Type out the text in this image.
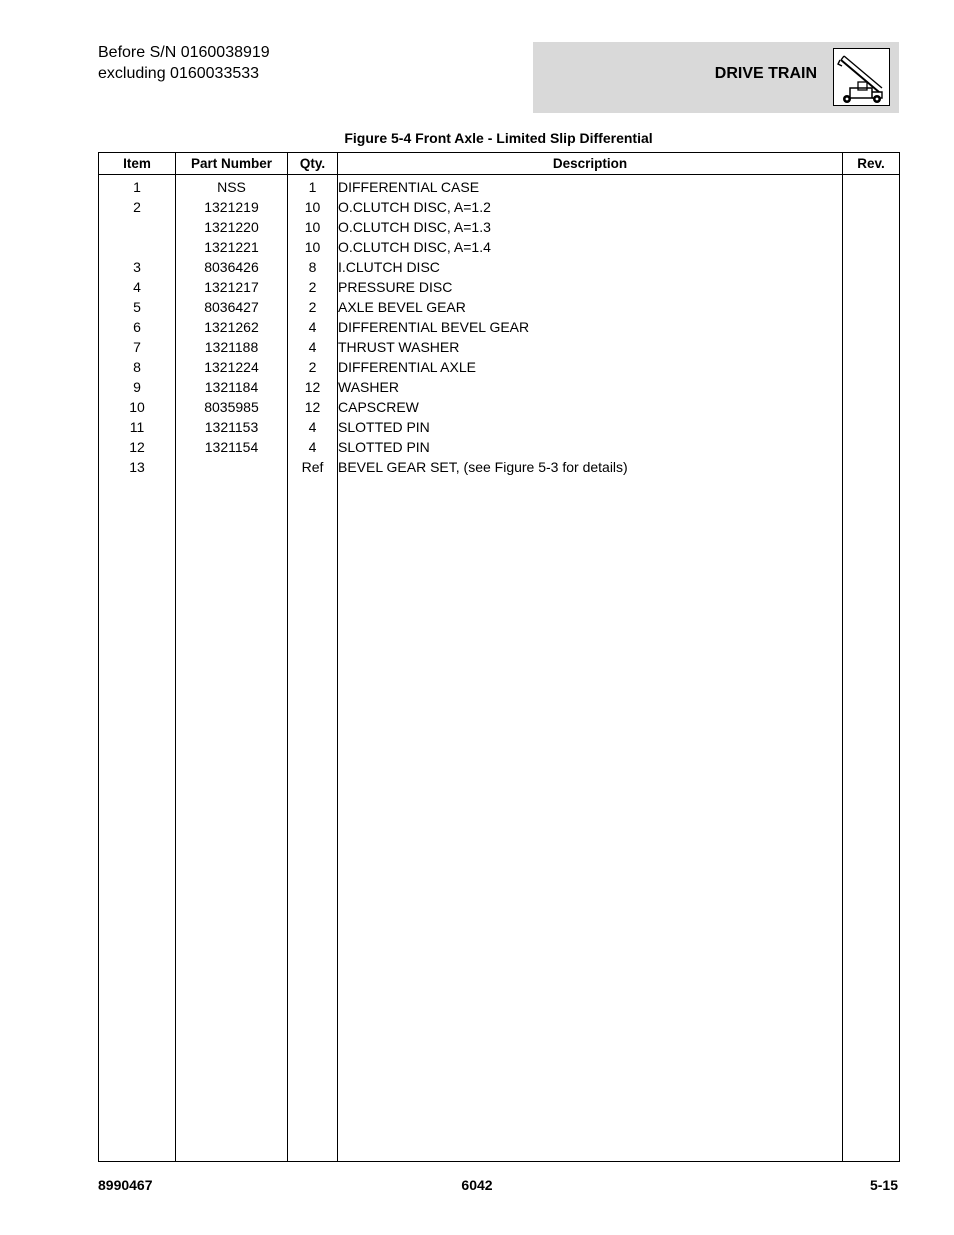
Before S/N 0160038919
excluding 0160033533	DRIVE TRAIN
Figure 5-4 Front Axle - Limited Slip Differential
Item	Part Number	Qty.	Description	Rev.
1	NSS	1	DIFFERENTIAL CASE	
2	1321219	10	O.CLUTCH DISC, A=1.2	
	1321220	10	O.CLUTCH DISC, A=1.3	
	1321221	10	O.CLUTCH DISC, A=1.4	
3	8036426	8	I.CLUTCH DISC	
4	1321217	2	PRESSURE DISC	
5	8036427	2	AXLE BEVEL GEAR	
6	1321262	4	DIFFERENTIAL BEVEL GEAR	
7	1321188	4	THRUST WASHER	
8	1321224	2	DIFFERENTIAL AXLE	
9	1321184	12	WASHER	
10	8035985	12	CAPSCREW	
11	1321153	4	SLOTTED PIN	
12	1321154	4	SLOTTED PIN	
13		Ref	BEVEL GEAR SET, (see Figure 5-3 for details)	

8990467	6042	5-15
